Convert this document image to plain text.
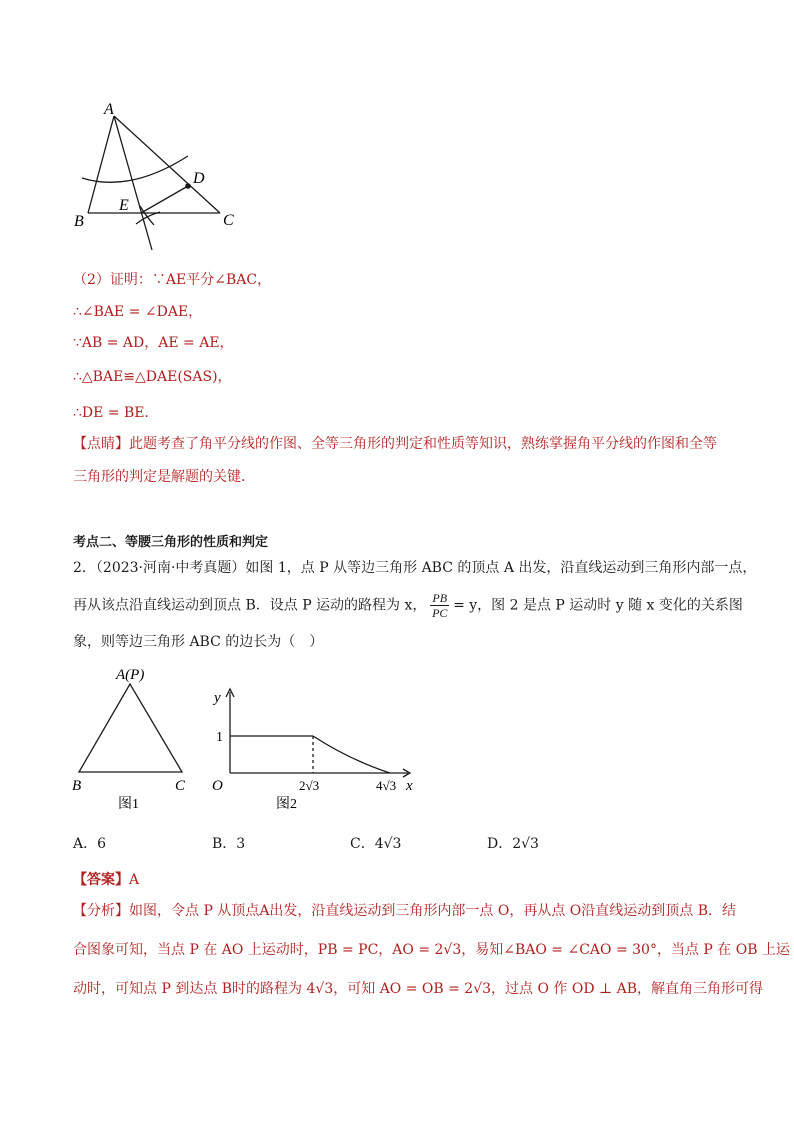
A
B	C
D
E
（2）证明：∵AE平分∠BAC，
∴∠BAE = ∠DAE，
∵AB = AD，AE = AE，
∴△BAE≌△DAE(SAS)，
∴DE = BE．
【点睛】此题考查了角平分线的作图、全等三角形的判定和性质等知识，熟练掌握角平分线的作图和全等
三角形的判定是解题的关键．
考点二、等腰三角形的性质和判定
2．（2023·河南·中考真题）如图 1，点 P 从等边三角形 ABC 的顶点 A 出发，沿直线运动到三角形内部一点，
再从该点沿直线运动到顶点 B．设点 P 运动的路程为 x， $\frac{PB}{PC} = y$，图 2 是点 P 运动时 y 随 x 变化的关系图
象，则等边三角形 ABC 的边长为（　）
A(P)
B	C
图1
y
x
O
1
2√3	4√3
图2
A．6	B．3	C．4√3	D．2√3
【答案】A
【分析】如图，令点 P 从顶点A出发，沿直线运动到三角形内部一点 O，再从点 O沿直线运动到顶点 B．结
合图象可知，当点 P 在 AO 上运动时，PB = PC，AO = 2√3，易知∠BAO = ∠CAO = 30°，当点 P 在 OB 上运
动时，可知点 P 到达点 B时的路程为 4√3，可知 AO = OB = 2√3，过点 O 作 OD ⊥ AB，解直角三角形可得
